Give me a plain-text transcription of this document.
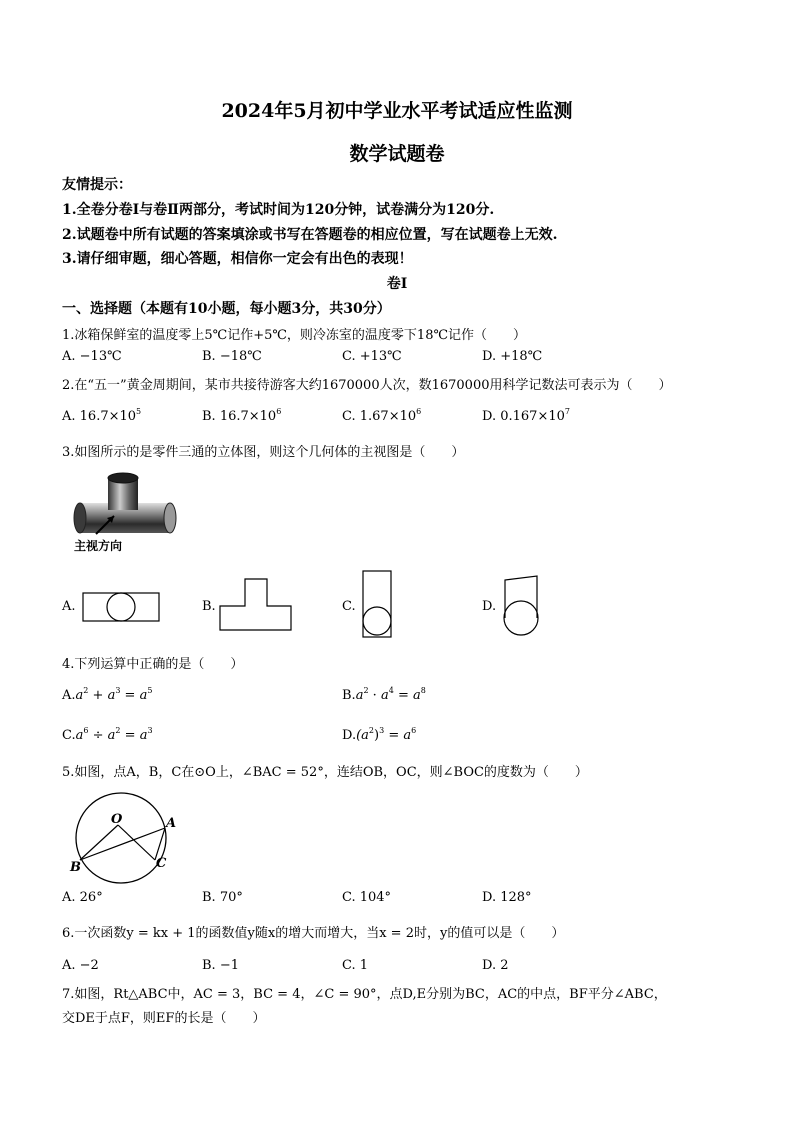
2024年5月初中学业水平考试适应性监测
数学试题卷
友情提示：
1.全卷分卷Ⅰ与卷Ⅱ两部分，考试时间为120分钟，试卷满分为120分.
2.试题卷中所有试题的答案填涂或书写在答题卷的相应位置，写在试题卷上无效.
3.请仔细审题，细心答题，相信你一定会有出色的表现！
卷Ⅰ
一、选择题（本题有10小题，每小题3分，共30分）
1.冰箱保鲜室的温度零上5℃记作+5℃，则冷冻室的温度零下18℃记作（　　）
A. −13℃	B. −18℃	C. +13℃	D. +18℃
2.在“五一”黄金周期间，某市共接待游客大约1670000人次，数1670000用科学记数法可表示为（　　）
A. $16.7\times 10^5$	B. $16.7\times 10^6$	C. $1.67\times 10^6$	D. $0.167\times 10^7$
3.如图所示的是零件三通的立体图，则这个几何体的主视图是（　　）
主视方向
A.	B.	C.	D.
4.下列运算中正确的是（　　）
$A.a^2 + a^3 = a^5$	$B.a^2 \cdot a^4 = a^8$
$C.a^6 \div a^2 = a^3$	$D.(a^2)^3 = a^6$
5.如图，点A，B，C在⊙O上，∠BAC = 52°，连结OB，OC，则∠BOC的度数为（　　）
O	A
B	C
A. 26°	B. 70°	C. 104°	D. 128°
6.一次函数y = kx + 1的函数值y随x的增大而增大，当x = 2时，y的值可以是（　　）
A. −2	B. −1	C. 1	D. 2
7.如图，Rt△ABC中，AC = 3，BC = 4，∠C = 90°，点D,E分别为BC，AC的中点，BF平分∠ABC，
交DE于点F，则EF的长是（　　）
